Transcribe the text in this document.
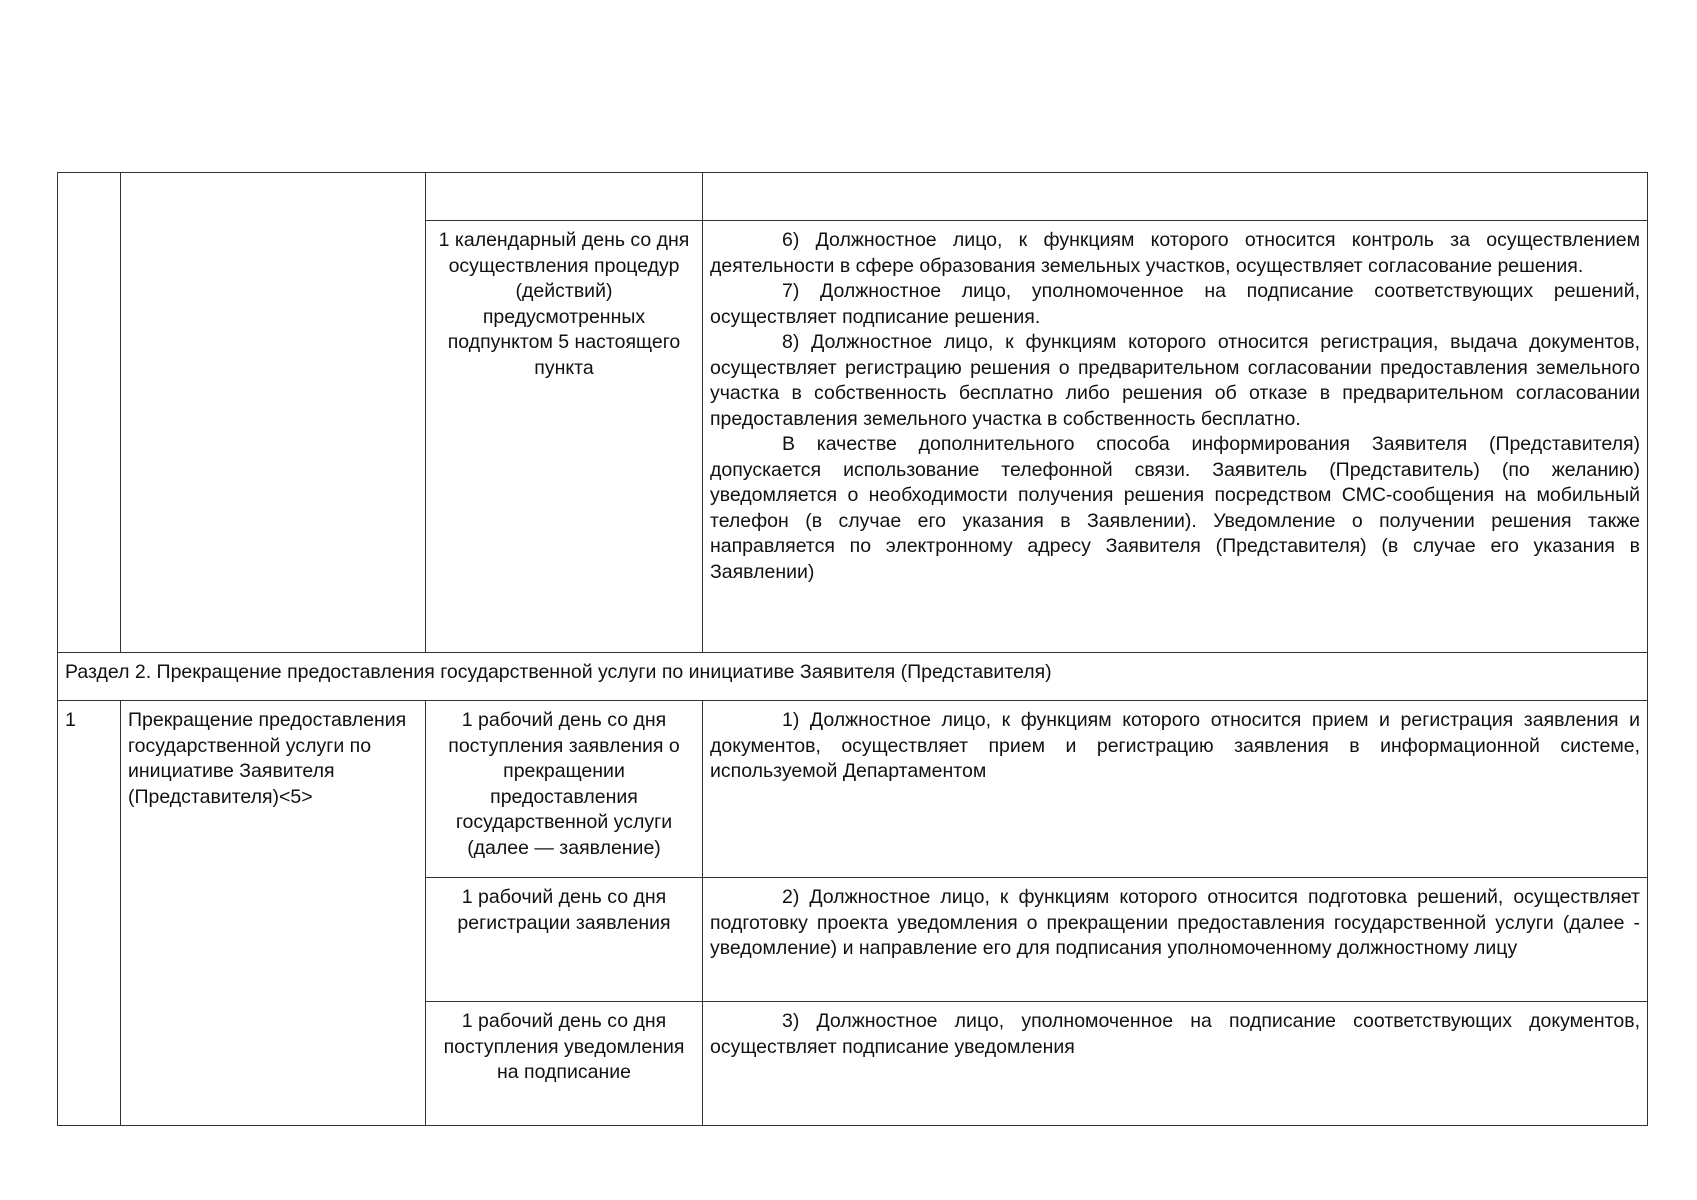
		1 календарный день со дня осуществления процедур (действий) предусмотренных подпунктом 5 настоящего пункта	6) Должностное лицо, к функциям которого относится контроль за осуществлением деятельности в сфере образования земельных участков, осуществляет согласование решения.

7) Должностное лицо, уполномоченное на подписание соответствующих решений, осуществляет подписание решения.

8) Должностное лицо, к функциям которого относится регистрация, выдача документов, осуществляет регистрацию решения о предварительном согласовании предоставления земельного участка в собственность бесплатно либо решения об отказе в предварительном согласовании предоставления земельного участка в собственность бесплатно.

В качестве дополнительного способа информирования Заявителя (Представителя) допускается использование телефонной связи. Заявитель (Представитель) (по желанию) уведомляется о необходимости получения решения посредством СМС-сообщения на мобильный телефон (в случае его указания в Заявлении). Уведомление о получении решения также направляется по электронному адресу Заявителя (Представителя) (в случае его указания в Заявлении)

Раздел 2. Прекращение предоставления государственной услуги по инициативе Заявителя (Представителя)			
1	Прекращение предоставления государственной услуги по инициативе Заявителя (Представителя)<5>	1 рабочий день со дня поступления заявления о прекращении предоставления государственной услуги (далее — заявление)	1) Должностное лицо, к функциям которого относится прием и регистрация заявления и документов, осуществляет прием и регистрацию заявления в информационной системе, используемой Департаментом

		1 рабочий день со дня регистрации заявления	2) Должностное лицо, к функциям которого относится подготовка решений, осуществляет подготовку проекта уведомления о прекращении предоставления государственной услуги (далее - уведомление) и направление его для подписания уполномоченному должностному лицу

		1 рабочий день со дня поступления уведомления на подписание	3) Должностное лицо, уполномоченное на подписание соответствующих документов, осуществляет подписание уведомления
